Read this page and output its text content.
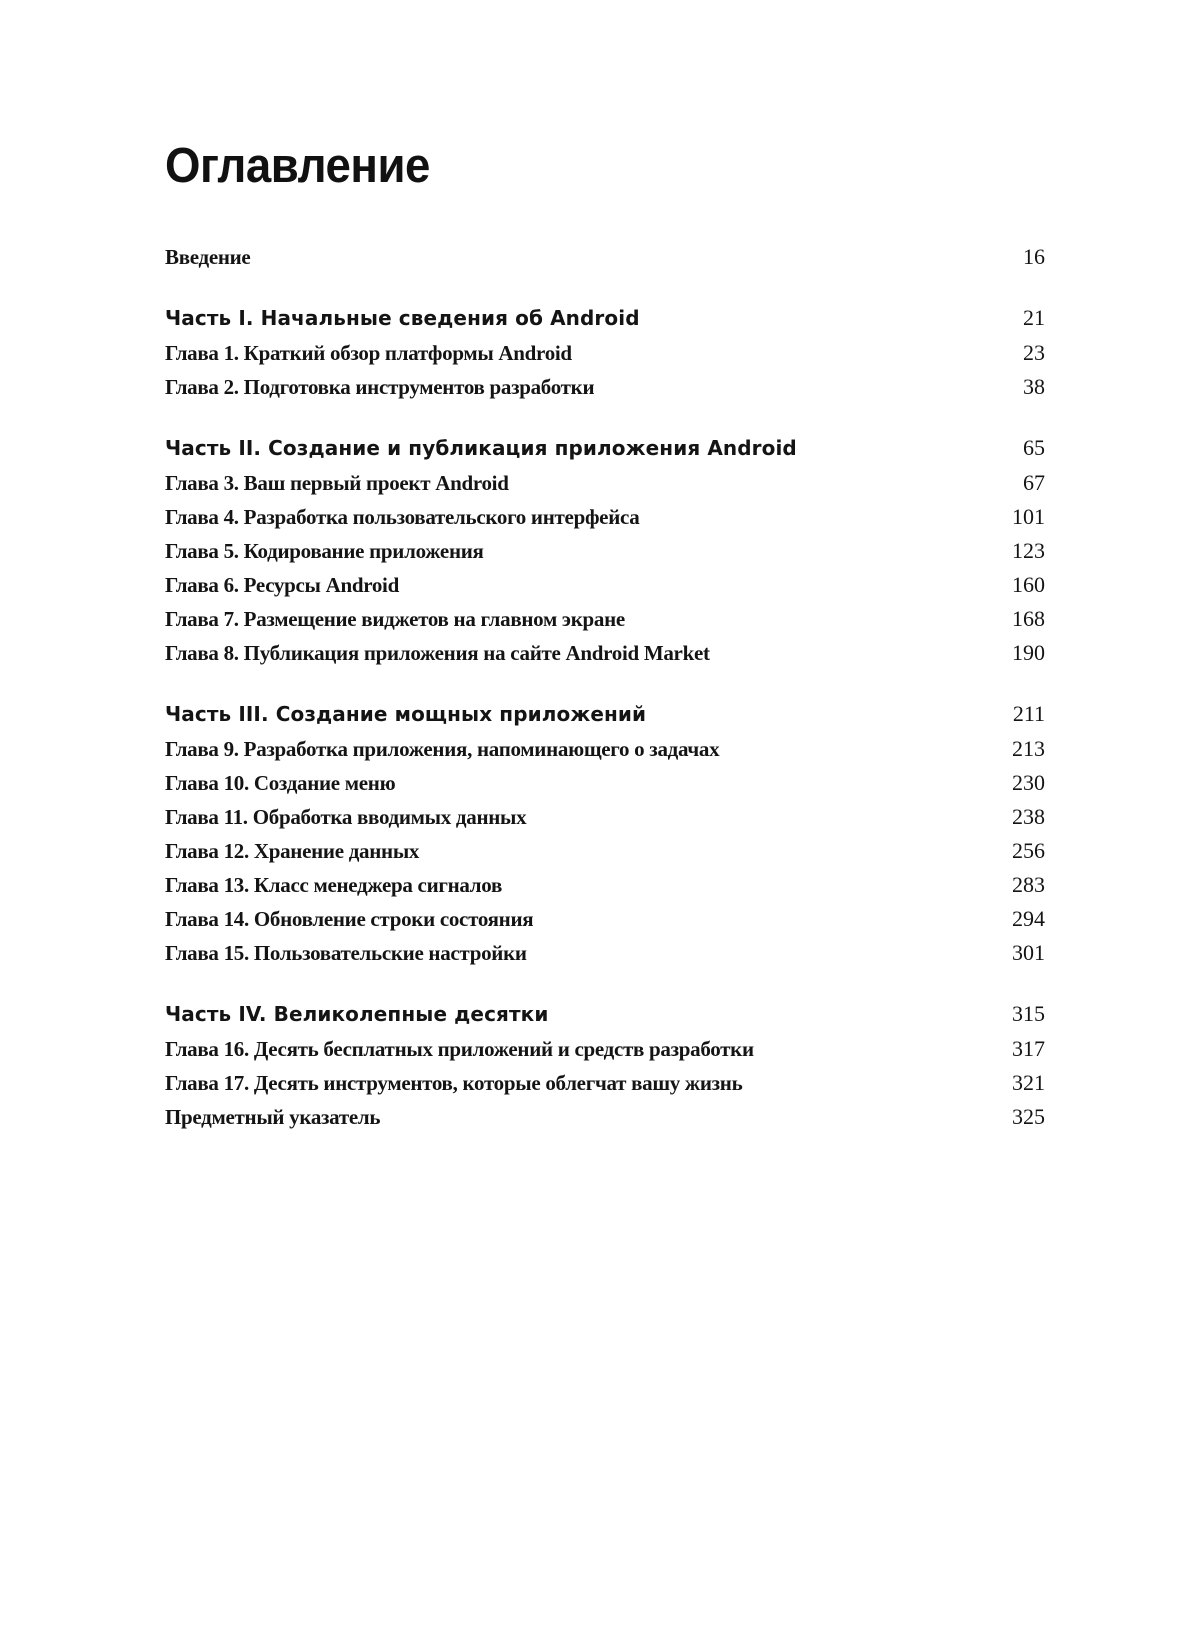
Оглавление
Введение	16
Часть I. Начальные сведения об Android	21
Глава 1. Краткий обзор платформы Android	23
Глава 2. Подготовка инструментов разработки	38
Часть II. Создание и публикация приложения Android	65
Глава 3. Ваш первый проект Android	67
Глава 4. Разработка пользовательского интерфейса	101
Глава 5. Кодирование приложения	123
Глава 6. Ресурсы Android	160
Глава 7. Размещение виджетов на главном экране	168
Глава 8. Публикация приложения на сайте Android Market	190
Часть III. Создание мощных приложений	211
Глава 9. Разработка приложения, напоминающего о задачах	213
Глава 10. Создание меню	230
Глава 11. Обработка вводимых данных	238
Глава 12. Хранение данных	256
Глава 13. Класс менеджера сигналов	283
Глава 14. Обновление строки состояния	294
Глава 15. Пользовательские настройки	301
Часть IV. Великолепные десятки	315
Глава 16. Десять бесплатных приложений и средств разработки	317
Глава 17. Десять инструментов, которые облегчат вашу жизнь	321
Предметный указатель	325
